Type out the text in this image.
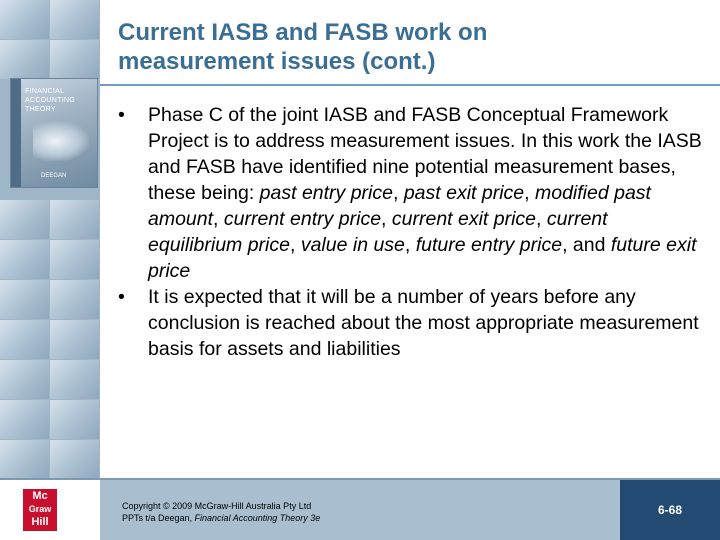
FINANCIAL
ACCOUNTING
THEORY
DEEGAN
Current IASB and FASB work on
measurement issues (cont.)
• Phase C of the joint IASB and FASB Conceptual Framework Project is to address measurement issues. In this work the IASB and FASB have identified nine potential measurement bases, these being: past entry price, past exit price, modified past amount, current entry price, current exit price, current equilibrium price, value in use, future entry price, and future exit price
• It is expected that it will be a number of years before any conclusion is reached about the most appropriate measurement basis for assets and liabilities
Mc
Graw
Hill
Copyright © 2009 McGraw-Hill Australia Pty Ltd
PPTs t/a Deegan, Financial Accounting Theory 3e
6-68
